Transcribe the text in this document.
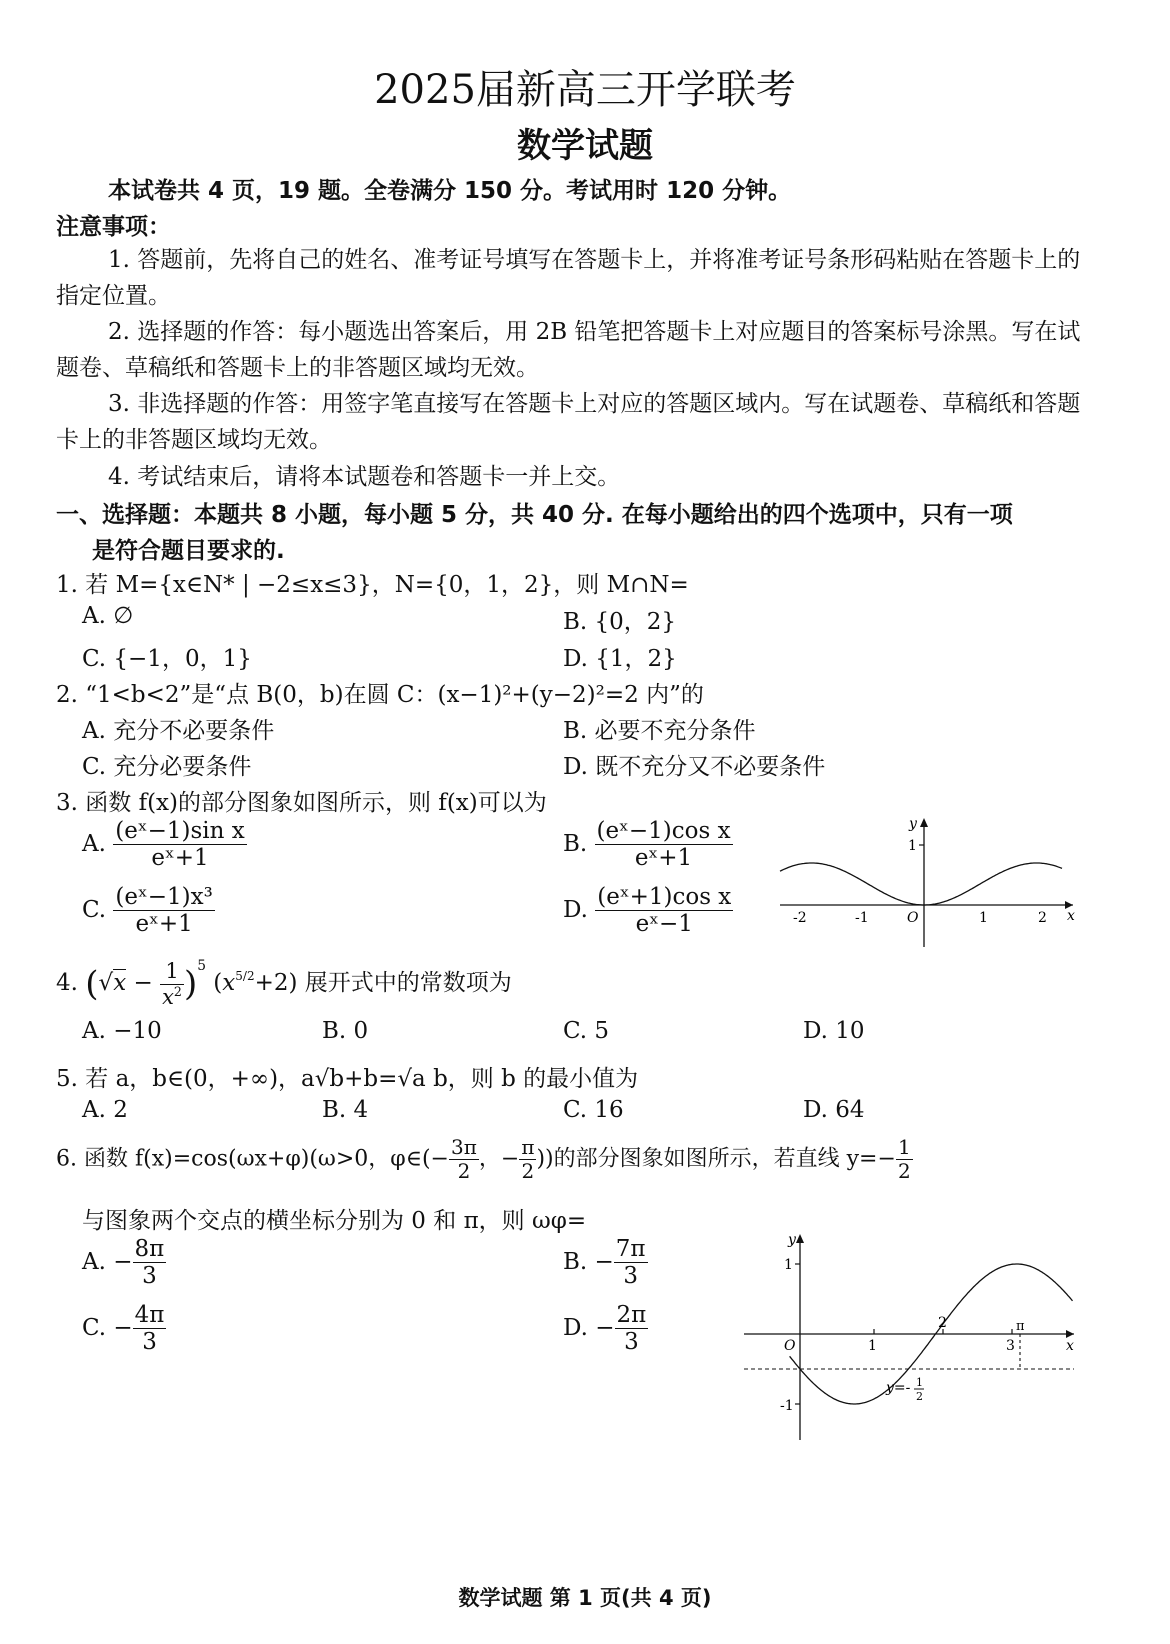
2025届新高三开学联考
数学试题
本试卷共 4 页，19 题。全卷满分 150 分。考试用时 120 分钟。
注意事项：
1. 答题前，先将自己的姓名、准考证号填写在答题卡上，并将准考证号条形码粘贴在答题卡上的指定位置。
2. 选择题的作答：每小题选出答案后，用 2B 铅笔把答题卡上对应题目的答案标号涂黑。写在试题卷、草稿纸和答题卡上的非答题区域均无效。
3. 非选择题的作答：用签字笔直接写在答题卡上对应的答题区域内。写在试题卷、草稿纸和答题卡上的非答题区域均无效。
4. 考试结束后，请将本试题卷和答题卡一并上交。
一、选择题：本题共 8 小题，每小题 5 分，共 40 分. 在每小题给出的四个选项中，只有一项
是符合题目要求的.
1. 若 M={x∈N* | −2≤x≤3}，N={0，1，2}，则 M∩N=
A. ∅	B. {0，2}
C. {−1，0，1}	D. {1，2}
2. “1<b<2”是“点 B(0，b)在圆 C：(x−1)²+(y−2)²=2 内”的
A. 充分不必要条件	B. 必要不充分条件
C. 充分必要条件	D. 既不充分又不必要条件
3. 函数 f(x)的部分图象如图所示，则 f(x)可以为
A. $\frac{\text{(eˣ−1)sin x}}{\text{eˣ+1}}$	B. $\frac{\text{(eˣ−1)cos x}}{\text{eˣ+1}}$
C. $\frac{\text{(eˣ−1)x³}}{\text{eˣ+1}}$	D. $\frac{\text{(eˣ+1)cos x}}{\text{eˣ−1}}$
y
x
O
1
-2	-1	1	2
4. $(√x - \frac{1}{x^2} )^5$ $(x^{5/2}+2)$ 展开式中的常数项为
A. −10	B. 0	C. 5	D. 10
5. 若 a，b∈(0，+∞)，a√b+b=√a b，则 b 的最小值为
A. 2	B. 4	C. 16	D. 64
6. 函数 f(x)=cos(ωx+φ)(ω>0，φ∈(− $\frac{3\pi}{2}$ ，− $\frac{\pi}{2}$ ))的部分图象如图所示，若直线 $y=- \frac{1}{2}$
与图象两个交点的横坐标分别为 0 和 π，则 ωφ=
A. − $\frac{8\pi}{3}$	B. − $\frac{7\pi}{3}$
C. − $\frac{4\pi}{3}$	D. − $\frac{2\pi}{3}$
y
x
O	1
2
3
π
1
-1
y=- 1
2
数学试题 第 1 页(共 4 页)
